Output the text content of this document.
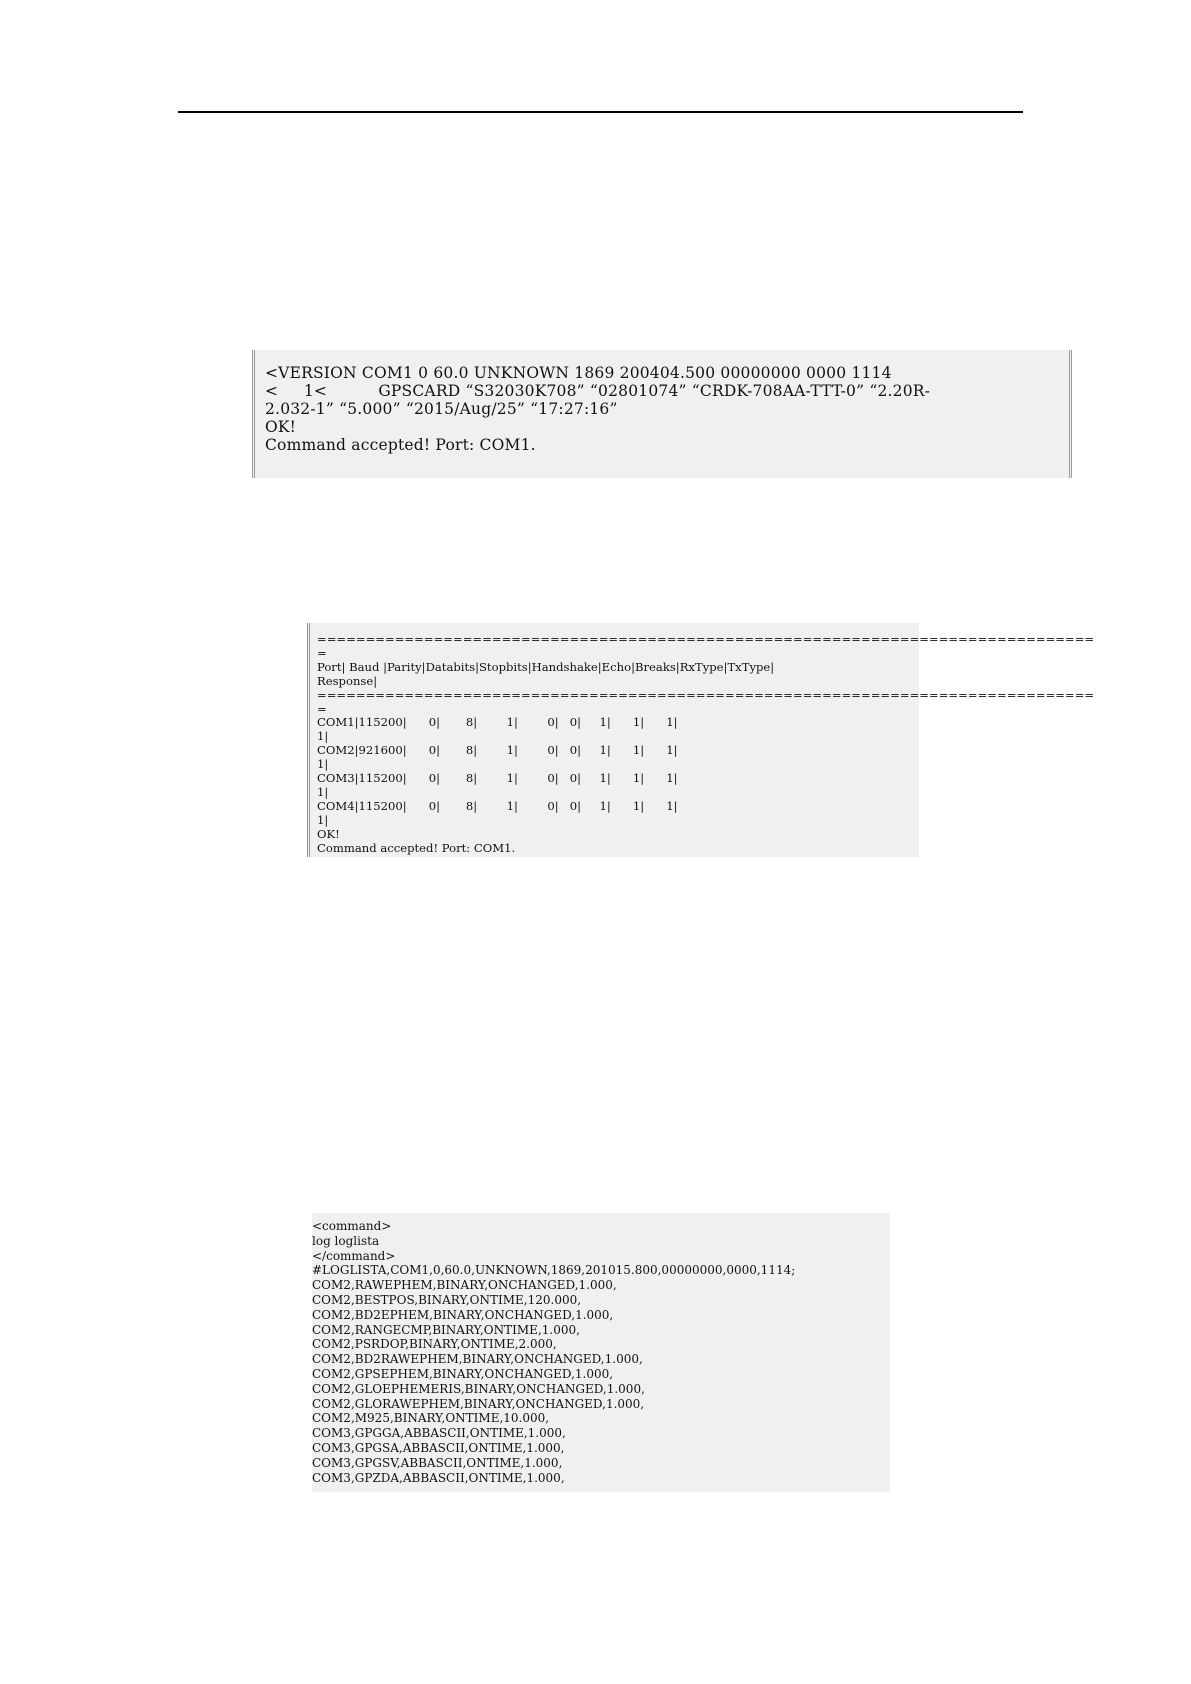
<VERSION COM1 0 60.0 UNKNOWN 1869 200404.500 00000000 0000 1114
<     1<          GPSCARD “S32030K708” “02801074” “CRDK-708AA-TTT-0” “2.20R-
2.032-1” “5.000” “2015/Aug/25” “17:27:16”
OK!
Command accepted! Port: COM1.
================================================================================
=
Port| Baud |Parity|Databits|Stopbits|Handshake|Echo|Breaks|RxType|TxType|
Response|
================================================================================
=
COM1|115200|      0|       8|        1|        0|   0|     1|      1|      1|
1|
COM2|921600|      0|       8|        1|        0|   0|     1|      1|      1|
1|
COM3|115200|      0|       8|        1|        0|   0|     1|      1|      1|
1|
COM4|115200|      0|       8|        1|        0|   0|     1|      1|      1|
1|
OK!
Command accepted! Port: COM1.
<command>
log loglista
</command>
#LOGLISTA,COM1,0,60.0,UNKNOWN,1869,201015.800,00000000,0000,1114;
COM2,RAWEPHEM,BINARY,ONCHANGED,1.000,
COM2,BESTPOS,BINARY,ONTIME,120.000,
COM2,BD2EPHEM,BINARY,ONCHANGED,1.000,
COM2,RANGECMP,BINARY,ONTIME,1.000,
COM2,PSRDOP,BINARY,ONTIME,2.000,
COM2,BD2RAWEPHEM,BINARY,ONCHANGED,1.000,
COM2,GPSEPHEM,BINARY,ONCHANGED,1.000,
COM2,GLOEPHEMERIS,BINARY,ONCHANGED,1.000,
COM2,GLORAWEPHEM,BINARY,ONCHANGED,1.000,
COM2,M925,BINARY,ONTIME,10.000,
COM3,GPGGA,ABBASCII,ONTIME,1.000,
COM3,GPGSA,ABBASCII,ONTIME,1.000,
COM3,GPGSV,ABBASCII,ONTIME,1.000,
COM3,GPZDA,ABBASCII,ONTIME,1.000,
